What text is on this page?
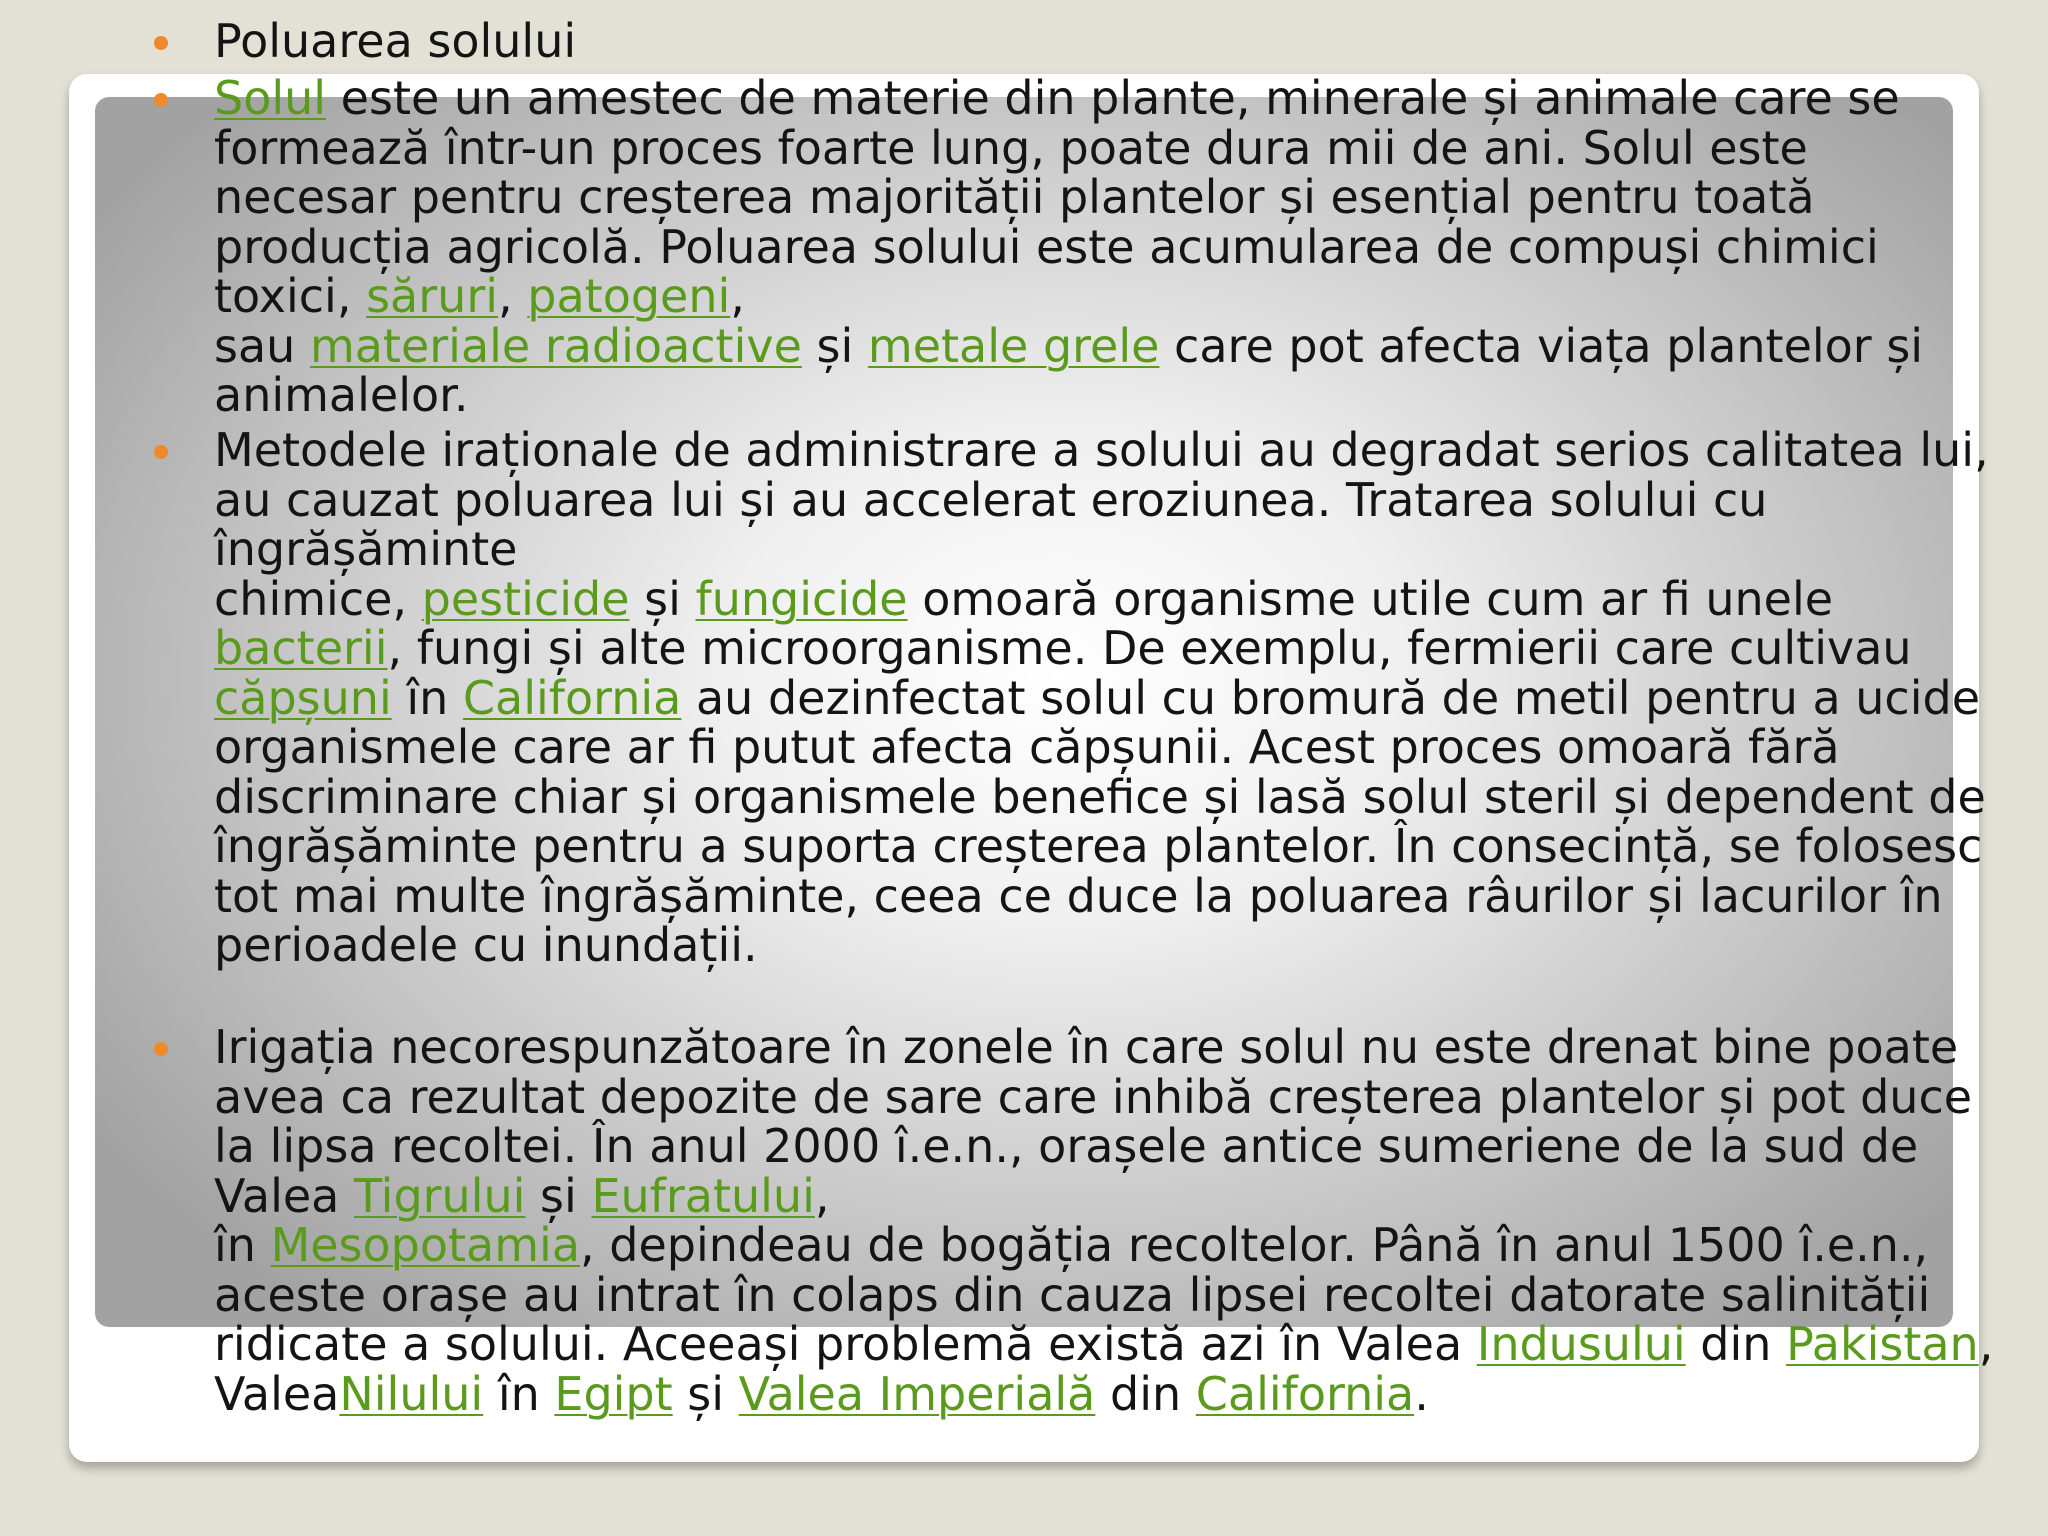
Poluarea solului
Solul este un amestec de materie din plante, minerale și animale care se formează într-un proces foarte lung, poate dura mii de ani. Solul este necesar pentru creșterea majorității plantelor și esențial pentru toată producția agricolă. Poluarea solului este acumularea de compuși chimici toxici, săruri, patogeni,
sau materiale radioactive și metale grele care pot afecta viața plantelor și animalelor.
Metodele iraționale de administrare a solului au degradat serios calitatea lui, au cauzat poluarea lui și au accelerat eroziunea. Tratarea solului cu îngrășăminte
chimice, pesticide și fungicide omoară organisme utile cum ar fi unele bacterii, fungi și alte microorganisme. De exemplu, fermierii care cultivau căpșuni în California au dezinfectat solul cu bromură de metil pentru a ucide organismele care ar fi putut afecta căpșunii. Acest proces omoară fără discriminare chiar și organismele benefice și lasă solul steril și dependent de îngrășăminte pentru a suporta creșterea plantelor. În consecință, se folosesc tot mai multe îngrășăminte, ceea ce duce la poluarea râurilor și lacurilor în perioadele cu inundații.
Irigația necorespunzătoare în zonele în care solul nu este drenat bine poate avea ca rezultat depozite de sare care inhibă creșterea plantelor și pot duce la lipsa recoltei. În anul 2000 î.e.n., orașele antice sumeriene de la sud de Valea Tigrului și Eufratului,
în Mesopotamia, depindeau de bogăția recoltelor. Până în anul 1500 î.e.n., aceste orașe au intrat în colaps din cauza lipsei recoltei datorate salinității ridicate a solului. Aceeași problemă există azi în Valea Indusului din Pakistan,
ValeaNilului în Egipt și Valea Imperială din California.
